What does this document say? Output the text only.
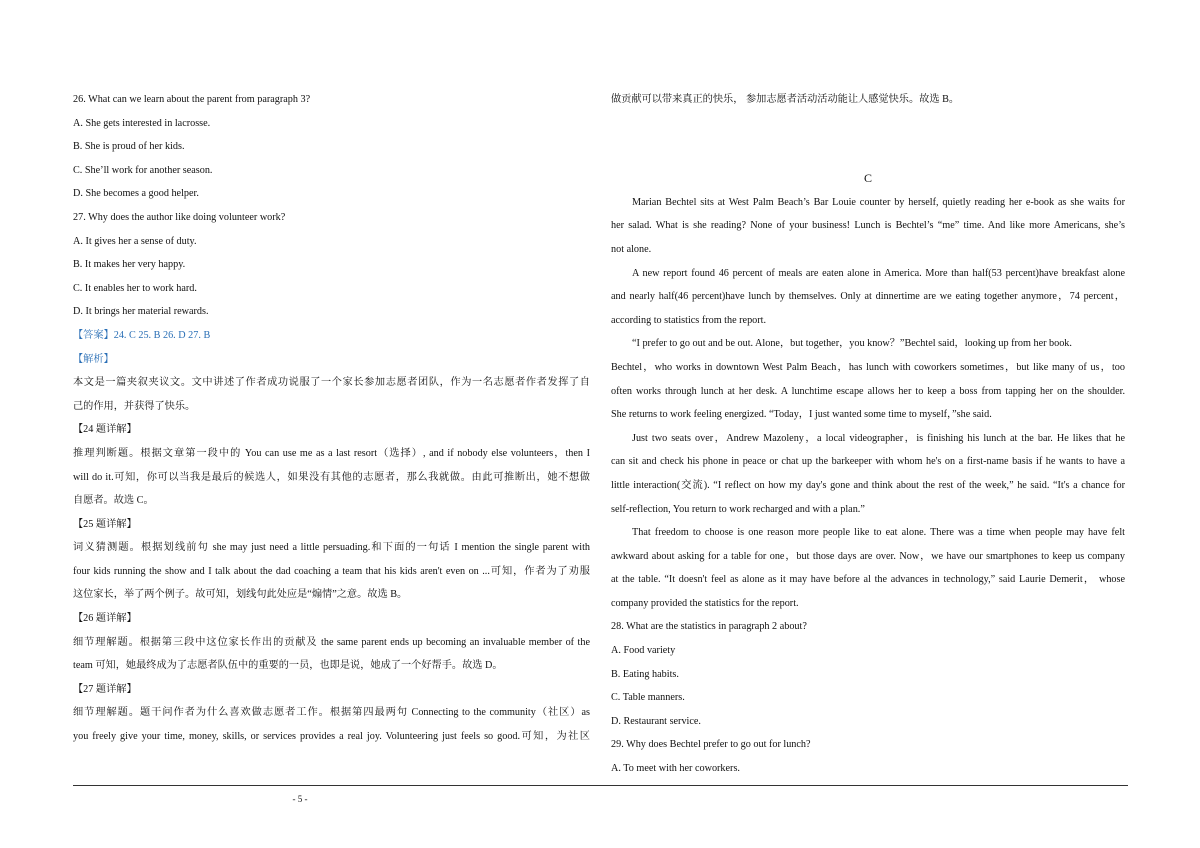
26. What can we learn about the parent from paragraph 3?

A. She gets interested in lacrosse.

B. She is proud of her kids.

C. She’ll work for another season.

D. She becomes a good helper.

27. Why does the author like doing volunteer work?

A. It gives her a sense of duty.

B. It makes her very happy.

C. It enables her to work hard.

D. It brings her material rewards.

【答案】24. C 25. B 26. D 27. B

【解析】

本文是一篇夹叙夹议文。文中讲述了作者成功说服了一个家长参加志愿者团队，作为一名志愿者作者发挥了自

己的作用，并获得了快乐。

【24 题详解】

推理判断题。根据文章第一段中的 You can use me as a last resort（选择）, and if nobody else volunteers，then I

will do it.可知，你可以当我是最后的候选人，如果没有其他的志愿者，那么我就做。由此可推断出，她不想做

自愿者。故选 C。

【25 题详解】

词义猜测题。根据划线前句 she may just need a little persuading.和下面的一句话 I mention the single parent with

four kids running the show and I talk about the dad coaching a team that his kids aren't even on ...可知，作者为了劝服

这位家长，举了两个例子。故可知，划线句此处应是“煽情”之意。故选 B。

【26 题详解】

细节理解题。根据第三段中这位家长作出的贡献及 the same parent ends up becoming an invaluable member of the

team 可知，她最终成为了志愿者队伍中的重要的一员，也即是说，她成了一个好帮手。故选 D。

【27 题详解】

细节理解题。题干问作者为什么喜欢做志愿者工作。根据第四最两句 Connecting to the community（社区）as

you freely give your time, money, skills, or services provides a real joy. Volunteering just feels so good.可知，为社区

做贡献可以带来真正的快乐， 参加志愿者活动活动能让人感觉快乐。故选 B。

C

Marian Bechtel sits at West Palm Beach’s Bar Louie counter by herself, quietly reading her e-book as she waits for

her salad. What is she reading? None of your business! Lunch is Bechtel’s “me” time. And like more Americans, she’s

not alone.

A new report found 46 percent of meals are eaten alone in America. More than half(53 percent)have breakfast alone

and nearly half(46 percent)have lunch by themselves. Only at dinnertime are we eating together anymore，74 percent，

according to statistics from the report.

“I prefer to go out and be out. Alone，but together，you know？”Bechtel said，looking up from her book.

Bechtel，who works in downtown West Palm Beach，has lunch with coworkers sometimes，but like many of us，too

often works through lunch at her desk. A lunchtime escape allows her to keep a boss from tapping her on the shoulder.

She returns to work feeling energized. “Today，I just wanted some time to myself，”she said.

Just two seats over，Andrew Mazoleny，a local videographer，is finishing his lunch at the bar. He likes that he

can sit and check his phone in peace or chat up the barkeeper with whom he's on a first-name basis if he wants to have a

little interaction(交流). “I reflect on how my day's gone and think about the rest of the week,” he said. “It's a chance for

self-reflection, You return to work recharged and with a plan.”

That freedom to choose is one reason more people like to eat alone. There was a time when people may have felt

awkward about asking for a table for one，but those days are over. Now，we have our smartphones to keep us company

at the table. “It doesn't feel as alone as it may have before al the advances in technology,” said Laurie Demerit， whose

company provided the statistics for the report.

28. What are the statistics in paragraph 2 about?

A. Food variety

B. Eating habits.

C. Table manners.

D. Restaurant service.

29. Why does Bechtel prefer to go out for lunch?

A. To meet with her coworkers.

- 5 -
